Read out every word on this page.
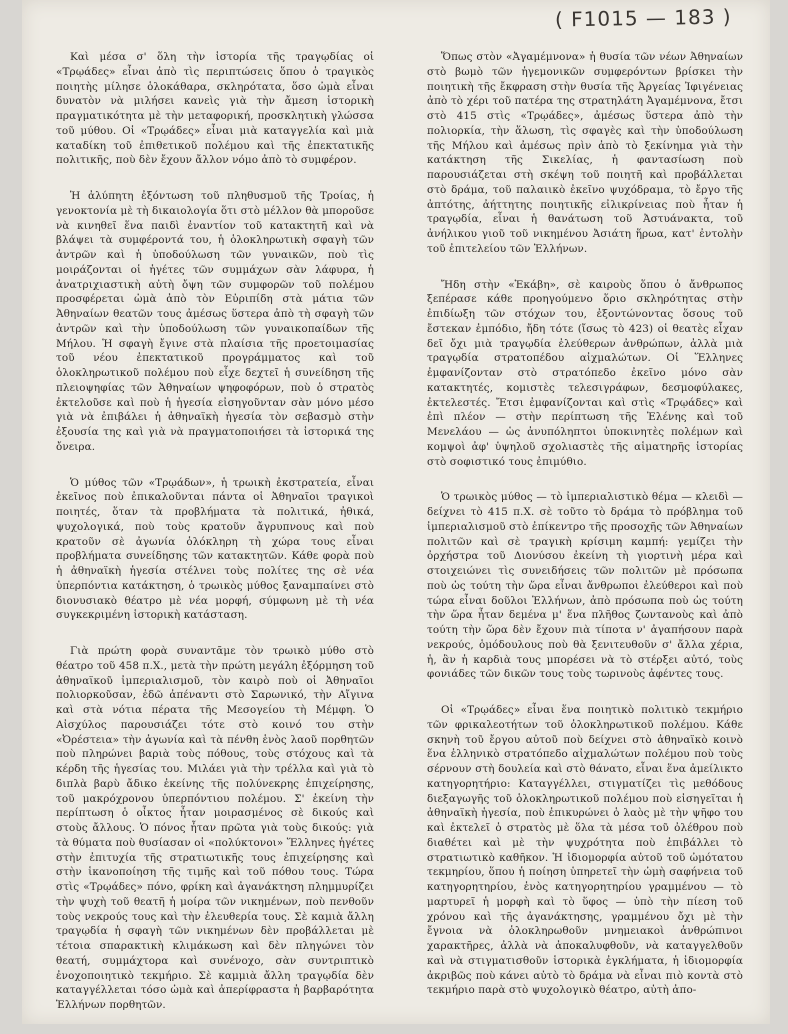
( F1015 — 183 )

Καὶ μέσα σ' ὅλη τὴν ἱστορία τῆς τραγῳδίας οἱ «Τρῳάδες» εἶναι ἀπὸ τὶς περιπτώσεις ὅπου ὁ τραγικὸς ποιητὴς μίλησε ὁλοκάθαρα, σκληρότατα, ὅσο ὠμὰ εἶναι δυνατὸν νὰ μιλήσει κανεὶς γιὰ τὴν ἄμεση ἱστορικὴ πραγματικότητα μὲ τὴν μεταφορική, προσκλητικὴ γλώσσα τοῦ μύθου. Οἱ «Τρῳάδες» εἶναι μιὰ καταγγελία καὶ μιὰ καταδίκη τοῦ ἐπιθετικοῦ πολέμου καὶ τῆς ἐπεκτατικῆς πολιτικῆς, ποὺ δὲν ἔχουν ἄλλον νόμο ἀπὸ τὸ συμφέρον.

Ἡ ἀλύπητη ἐξόντωση τοῦ πληθυσμοῦ τῆς Τροίας, ἡ γενοκτονία μὲ τὴ δικαιολογία ὅτι στὸ μέλλον θὰ μποροῦσε νὰ κινηθεῖ ἕνα παιδὶ ἐναντίον τοῦ κατακτητῆ καὶ νὰ βλάψει τὰ συμφέροντά του, ἡ ὁλοκληρωτικὴ σφαγὴ τῶν ἀντρῶν καὶ ἡ ὑποδούλωση τῶν γυναικῶν, ποὺ τὶς μοιράζονται οἱ ἡγέτες τῶν συμμάχων σὰν λάφυρα, ἡ ἀνατριχιαστικὴ αὐτὴ ὄψη τῶν συμφορῶν τοῦ πολέμου προσφέρεται ὠμὰ ἀπὸ τὸν Εὐριπίδη στὰ μάτια τῶν Ἀθηναίων θεατῶν τους ἀμέσως ὕστερα ἀπὸ τὴ σφαγὴ τῶν ἀντρῶν καὶ τὴν ὑποδούλωση τῶν γυναικοπαίδων τῆς Μήλου. Ἡ σφαγὴ ἔγινε στὰ πλαίσια τῆς προετοιμασίας τοῦ νέου ἐπεκτατικοῦ προγράμματος καὶ τοῦ ὁλοκληρωτικοῦ πολέμου ποὺ εἶχε δεχτεῖ ἡ συνείδηση τῆς πλειοψηφίας τῶν Ἀθηναίων ψηφοφόρων, ποὺ ὁ στρατὸς ἐκτελοῦσε καὶ ποὺ ἡ ἡγεσία εἰσηγοῦνταν σὰν μόνο μέσο γιὰ νὰ ἐπιβάλει ἡ ἀθηναϊκὴ ἡγεσία τὸν σεβασμὸ στὴν ἐξουσία της καὶ γιὰ νὰ πραγματοποιήσει τὰ ἱστορικά της ὄνειρα.

Ὁ μύθος τῶν «Τρῳάδων», ἡ τρωικὴ ἐκστρατεία, εἶναι ἐκεῖνος ποὺ ἐπικαλοῦνται πάντα οἱ Ἀθηναῖοι τραγικοὶ ποιητές, ὅταν τὰ προβλήματα τὰ πολιτικά, ἠθικά, ψυχολογικά, ποὺ τοὺς κρατοῦν ἄγρυπνους καὶ ποὺ κρατοῦν σὲ ἀγωνία ὁλόκληρη τὴ χώρα τους εἶναι προβλήματα συνείδησης τῶν κατακτητῶν. Κάθε φορὰ ποὺ ἡ ἀθηναϊκὴ ἡγεσία στέλνει τοὺς πολίτες της σὲ νέα ὑπερπόντια κατάκτηση, ὁ τρωικὸς μύθος ξαναμπαίνει στὸ διονυσιακὸ θέατρο μὲ νέα μορφή, σύμφωνη μὲ τὴ νέα συγκεκριμένη ἱστορικὴ κατάσταση.

Γιὰ πρώτη φορὰ συναντᾶμε τὸν τρωικὸ μύθο στὸ θέατρο τοῦ 458 π.Χ., μετὰ τὴν πρώτη μεγάλη ἐξόρμηση τοῦ ἀθηναϊκοῦ ἰμπεριαλισμοῦ, τὸν καιρὸ ποὺ οἱ Ἀθηναῖοι πολιορκοῦσαν, ἐδῶ ἀπέναντι στὸ Σαρωνικό, τὴν Αἴγινα καὶ στὰ νότια πέρατα τῆς Μεσογείου τὴ Μέμφη. Ὁ Αἰσχύλος παρουσιάζει τότε στὸ κοινό του στὴν «Ὀρέστεια» τὴν ἀγωνία καὶ τὰ πένθη ἑνὸς λαοῦ πορθητῶν ποὺ πληρώνει βαριὰ τοὺς πόθους, τοὺς στόχους καὶ τὰ κέρδη τῆς ἡγεσίας του. Μιλάει γιὰ τὴν τρέλλα καὶ γιὰ τὸ διπλὰ βαρὺ ἄδικο ἐκείνης τῆς πολύνεκρης ἐπιχείρησης, τοῦ μακρόχρονου ὑπερπόντιου πολέμου. Σ' ἐκείνη τὴν περίπτωση ὁ οἶκτος ἦταν μοιρασμένος σὲ δικούς καὶ στοὺς ἄλλους. Ὁ πόνος ἦταν πρῶτα γιὰ τοὺς δικούς: γιὰ τὰ θύματα ποὺ θυσίασαν οἱ «πολύκτονοι» Ἕλληνες ἡγέτες στὴν ἐπιτυχία τῆς στρατιωτικῆς τους ἐπιχείρησης καὶ στὴν ἱκανοποίηση τῆς τιμῆς καὶ τοῦ πόθου τους. Τώρα στὶς «Τρῳάδες» πόνο, φρίκη καὶ ἀγανάκτηση πλημμυρίζει τὴν ψυχὴ τοῦ θεατῆ ἡ μοίρα τῶν νικημένων, ποὺ πενθοῦν τοὺς νεκρούς τους καὶ τὴν ἐλευθερία τους. Σὲ καμιὰ ἄλλη τραγῳδία ἡ σφαγὴ τῶν νικημένων δὲν προβάλλεται μὲ τέτοια σπαρακτικὴ κλιμάκωση καὶ δὲν πληγώνει τὸν θεατή, συμμάχτορα καὶ συνένοχο, σὰν συντριπτικὸ ἐνοχοποιητικὸ τεκμήριο. Σὲ καμμιὰ ἄλλη τραγῳδία δὲν καταγγέλλεται τόσο ὠμὰ καὶ ἀπερίφραστα ἡ βαρβαρότητα Ἑλλήνων πορθητῶν.

Ὅπως στὸν «Ἀγαμέμνονα» ἡ θυσία τῶν νέων Ἀθηναίων στὸ βωμὸ τῶν ἡγεμονικῶν συμφερόντων βρίσκει τὴν ποιητικὴ τῆς ἔκφραση στὴν θυσία τῆς Ἀργείας Ἰφιγένειας ἀπὸ τὸ χέρι τοῦ πατέρα της στρατηλάτη Ἀγαμέμνονα, ἔτσι στὸ 415 στὶς «Τρῳάδες», ἀμέσως ὕστερα ἀπὸ τὴν πολιορκία, τὴν ἅλωση, τὶς σφαγὲς καὶ τὴν ὑποδούλωση τῆς Μήλου καὶ ἀμέσως πρὶν ἀπὸ τὸ ξεκίνημα γιὰ τὴν κατάκτηση τῆς Σικελίας, ἡ φαντασίωση ποὺ παρουσιάζεται στὴ σκέψη τοῦ ποιητῆ καὶ προβάλλεται στὸ δράμα, τοῦ παλαιικὸ ἐκεῖνο ψυχόδραμα, τὸ ἔργο τῆς ἀπτότης, ἀήττητης ποιητικῆς εἰλικρίνειας ποὺ ἦταν ἡ τραγῳδία, εἶναι ἡ θανάτωση τοῦ Ἀστυάνακτα, τοῦ ἀνήλικου γιοῦ τοῦ νικημένου Ἀσιάτη ἥρωα, κατ' ἐντολὴν τοῦ ἐπιτελείου τῶν Ἑλλήνων.

Ἤδη στὴν «Ἑκάβη», σὲ καιροὺς ὅπου ὁ ἄνθρωπος ξεπέρασε κάθε προηγούμενο ὅριο σκληρότητας στὴν ἐπιδίωξη τῶν στόχων του, ἐξοντώνοντας ὅσους τοῦ ἔστεκαν ἐμπόδιο, ἤδη τότε (ἴσως τὸ 423) οἱ θεατὲς εἶχαν δεῖ ὄχι μιὰ τραγῳδία ἐλεύθερων ἀνθρώπων, ἀλλὰ μιὰ τραγῳδία στρατοπέδου αἰχμαλώτων. Οἱ Ἕλληνες ἐμφανίζονταν στὸ στρατόπεδο ἐκεῖνο μόνο σὰν κατακτητές, κομιστὲς τελεσιγράφων, δεσμοφύλακες, ἐκτελεστές. Ἔτσι ἐμφανίζονται καὶ στὶς «Τρῳάδες» καὶ ἐπὶ πλέον — στὴν περίπτωση τῆς Ἑλένης καὶ τοῦ Μενελάου — ὡς ἀνυπόληπτοι ὑποκινητὲς πολέμων καὶ κομψοὶ ἀφ' ὑψηλοῦ σχολιαστὲς τῆς αἱματηρῆς ἱστορίας στὸ σοφιστικό τους ἐπιμύθιο.

Ὁ τρωικὸς μύθος — τὸ ἰμπεριαλιστικὸ θέμα — κλειδὶ — δείχνει τὸ 415 π.Χ. σὲ τοῦτο τὸ δράμα τὸ πρόβλημα τοῦ ἰμπεριαλισμοῦ στὸ ἐπίκεντρο τῆς προσοχῆς τῶν Ἀθηναίων πολιτῶν καὶ σὲ τραγικὴ κρίσιμη καμπή: γεμίζει τὴν ὀρχήστρα τοῦ Διονύσου ἐκείνη τὴ γιορτινὴ μέρα καὶ στοιχειώνει τὶς συνειδήσεις τῶν πολιτῶν μὲ πρόσωπα ποὺ ὡς τούτη τὴν ὥρα εἶναι ἄνθρωποι ἐλεύθεροι καὶ ποὺ τώρα εἶναι δοῦλοι Ἑλλήνων, ἀπὸ πρόσωπα ποὺ ὡς τούτη τὴν ὥρα ἦταν δεμένα μ' ἕνα πλῆθος ζωντανοὺς καὶ ἀπὸ τούτη τὴν ὥρα δὲν ἔχουν πιὰ τίποτα ν' ἀγαπήσουν παρὰ νεκρούς, ὁμόδουλους ποὺ θὰ ξενιτευθοῦν σ' ἄλλα χέρια, ἡ, ἂν ἡ καρδιὰ τους μπορέσει νὰ τὸ στέρξει αὐτό, τοὺς φονιάδες τῶν δικῶν τους τοὺς τωρινοὺς ἀφέντες τους.

Οἱ «Τρῳάδες» εἶναι ἕνα ποιητικὸ πολιτικὸ τεκμήριο τῶν φρικαλεοτήτων τοῦ ὁλοκληρωτικοῦ πολέμου. Κάθε σκηνὴ τοῦ ἔργου αὐτοῦ ποὺ δείχνει στὸ ἀθηναϊκὸ κοινὸ ἕνα ἑλληνικὸ στρατόπεδο αἰχμαλώτων πολέμου ποὺ τοὺς σέρνουν στὴ δουλεία καὶ στὸ θάνατο, εἶναι ἕνα ἀμείλικτο κατηγορητήριο: Καταγγέλλει, στιγματίζει τὶς μεθόδους διεξαγωγῆς τοῦ ὁλοκληρωτικοῦ πολέμου ποὺ εἰσηγεῖται ἡ ἀθηναϊκὴ ἡγεσία, ποὺ ἐπικυρώνει ὁ λαὸς μὲ τὴν ψῆφο του καὶ ἐκτελεῖ ὁ στρατὸς μὲ ὅλα τὰ μέσα τοῦ ὀλέθρου ποὺ διαθέτει καὶ μὲ τὴν ψυχρότητα ποὺ ἐπιβάλλει τὸ στρατιωτικὸ καθῆκον. Ἡ ἰδιομορφία αὐτοῦ τοῦ ὠμότατου τεκμηρίου, ὅπου ἡ ποίηση ὑπηρετεῖ τὴν ὠμὴ σαφήνεια τοῦ κατηγορητηρίου, ἑνὸς κατηγορητηρίου γραμμένου — τὸ μαρτυρεῖ ἡ μορφὴ καὶ τὸ ὕφος — ὑπὸ τὴν πίεση τοῦ χρόνου καὶ τῆς ἀγανάκτησης, γραμμένου ὄχι μὲ τὴν ἔγνοια νὰ ὁλοκληρωθοῦν μνημειακοὶ ἀνθρώπινοι χαρακτῆρες, ἀλλὰ νὰ ἀποκαλυφθοῦν, νὰ καταγγελθοῦν καὶ νὰ στιγματισθοῦν ἱστορικὰ ἐγκλήματα, ἡ ἰδιομορφία ἀκριβῶς ποὺ κάνει αὐτὸ τὸ δράμα νὰ εἶναι πιὸ κοντὰ στὸ τεκμήριο παρὰ στὸ ψυχολογικὸ θέατρο, αὐτὴ ἀπο-
